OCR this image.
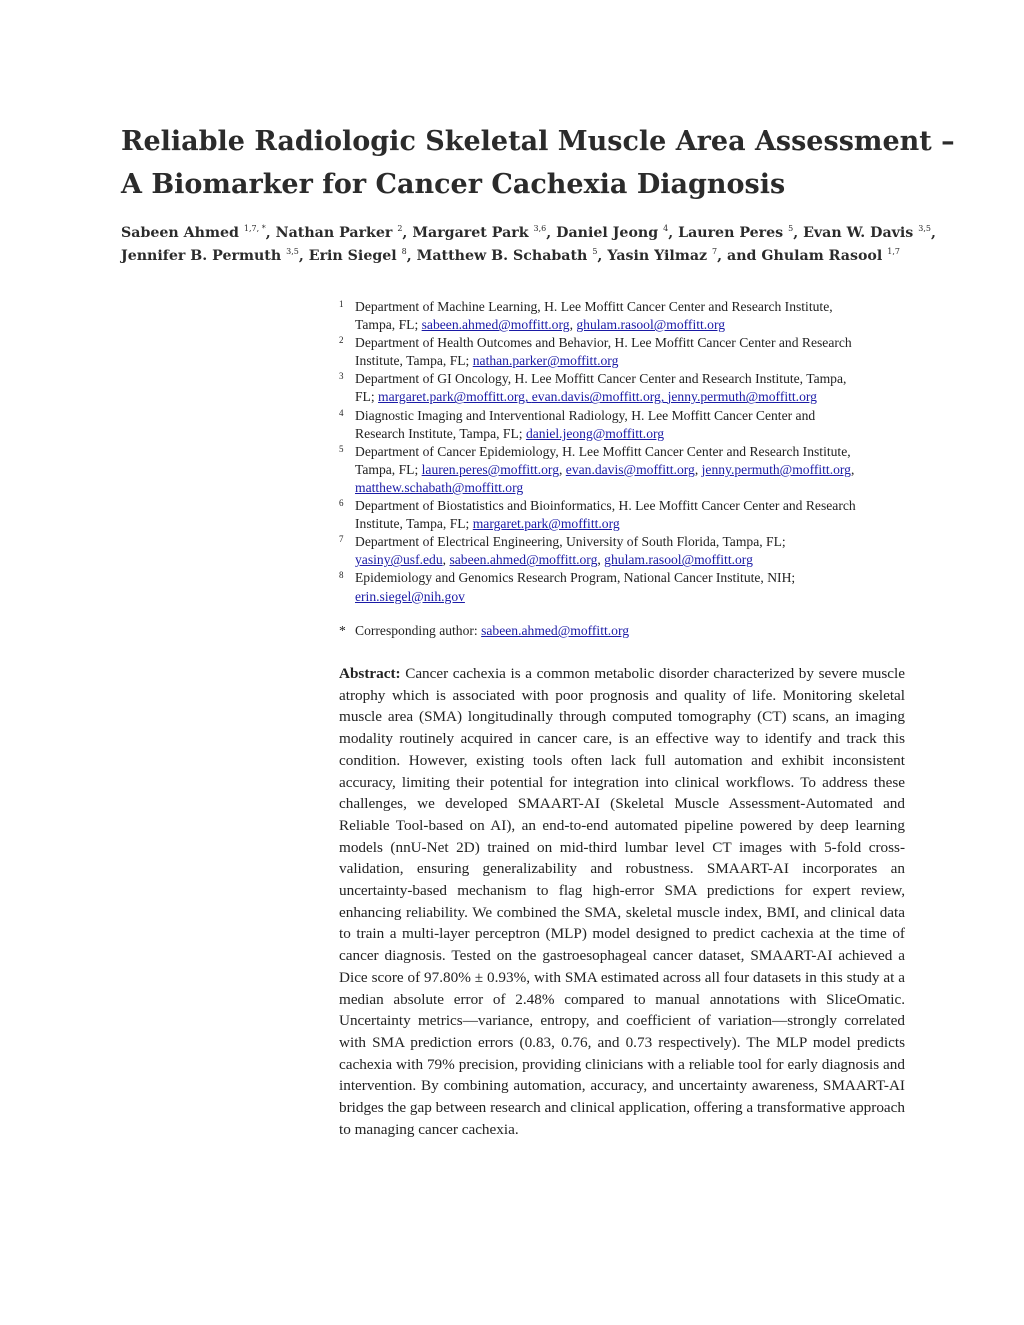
Reliable Radiologic Skeletal Muscle Area Assessment –
A Biomarker for Cancer Cachexia Diagnosis
Sabeen Ahmed $^{1,7, *}$, Nathan Parker $^2$, Margaret Park $^{3,6}$, Daniel Jeong $^4$, Lauren Peres $^5$, Evan W. Davis $^{3,5}$,
Jennifer B. Permuth $^{3,5}$, Erin Siegel $^8$, Matthew B. Schabath $^5$, Yasin Yilmaz $^7$, and Ghulam Rasool $^{1,7}$
1 Department of Machine Learning, H. Lee Moffitt Cancer Center and Research Institute,
Tampa, FL; sabeen.ahmed@moffitt.org, ghulam.rasool@moffitt.org
2 Department of Health Outcomes and Behavior, H. Lee Moffitt Cancer Center and Research
Institute, Tampa, FL; nathan.parker@moffitt.org
3 Department of GI Oncology, H. Lee Moffitt Cancer Center and Research Institute, Tampa,
FL; margaret.park@moffitt.org, evan.davis@moffitt.org, jenny.permuth@moffitt.org
4 Diagnostic Imaging and Interventional Radiology, H. Lee Moffitt Cancer Center and
Research Institute, Tampa, FL; daniel.jeong@moffitt.org
5 Department of Cancer Epidemiology, H. Lee Moffitt Cancer Center and Research Institute,
Tampa, FL; lauren.peres@moffitt.org, evan.davis@moffitt.org, jenny.permuth@moffitt.org,
matthew.schabath@moffitt.org
6 Department of Biostatistics and Bioinformatics, H. Lee Moffitt Cancer Center and Research
Institute, Tampa, FL; margaret.park@moffitt.org
7 Department of Electrical Engineering, University of South Florida, Tampa, FL;
yasiny@usf.edu, sabeen.ahmed@moffitt.org, ghulam.rasool@moffitt.org
8 Epidemiology and Genomics Research Program, National Cancer Institute, NIH;
erin.siegel@nih.gov
* Corresponding author: sabeen.ahmed@moffitt.org

Abstract: Cancer cachexia is a common metabolic disorder characterized by severe muscle atrophy which is associated with poor prognosis and quality of life. Monitoring skeletal muscle area (SMA) longitudinally through computed tomography (CT) scans, an imaging modality routinely acquired in cancer care, is an effective way to identify and track this condition. However, existing tools often lack full automation and exhibit inconsistent accuracy, limiting their potential for integration into clinical workflows. To address these challenges, we developed SMAART-AI (Skeletal Muscle Assessment-Automated and Reliable Tool-based on AI), an end-to-end automated pipeline powered by deep learning models (nnU-Net 2D) trained on mid-third lumbar level CT images with 5-fold cross-validation, ensuring generalizability and robustness. SMAART-AI incorporates an uncertainty-based mechanism to flag high-error SMA predictions for expert review, enhancing reliability. We combined the SMA, skeletal muscle index, BMI, and clinical data to train a multi-layer perceptron (MLP) model designed to predict cachexia at the time of cancer diagnosis. Tested on the gastroesophageal cancer dataset, SMAART-AI achieved a Dice score of 97.80% ± 0.93%, with SMA estimated across all four datasets in this study at a median absolute error of 2.48% compared to manual annotations with SliceOmatic. Uncertainty metrics—variance, entropy, and coefficient of variation—strongly correlated with SMA prediction errors (0.83, 0.76, and 0.73 respectively). The MLP model predicts cachexia with 79% precision, providing clinicians with a reliable tool for early diagnosis and intervention. By combining automation, accuracy, and uncertainty awareness, SMAART-AI bridges the gap between research and clinical application, offering a transformative approach to managing cancer cachexia.
